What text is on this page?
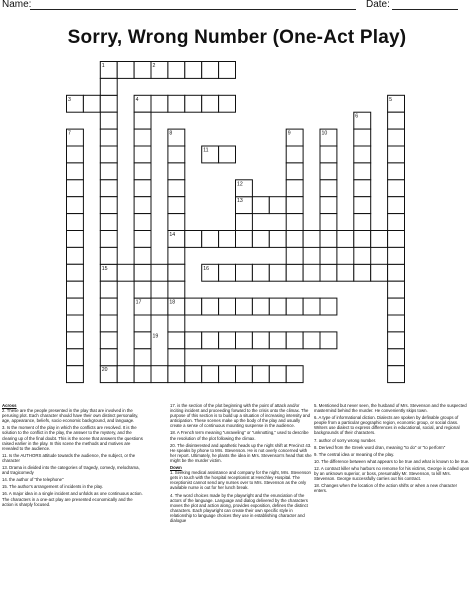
Name:	Date:
Sorry, Wrong Number (One-Act Play)
1	2
3	4	5
6
7	8	9	10
11
12
13
14
15	16
17	18
19
20
Across

2. These are the people presented in the play that are involved in the perusing plot. Each character should have their own distinct personality, age, appearance, beliefs, socio economic background, and language.

3. Is the moment of the play in which the conflicts are resolved. It is the solution to the conflict in the play, the answer to the mystery, and the clearing up of the final doubt. This is the scene that answers the questions raised earlier in the play. In this scene the methods and motives are revealed to the audience.

11. Is the AUTHORS attitude towards the audience, the subject, or the character

13. Drama is divided into the categories of tragedy, comedy, melodrama, and tragicomedy

14. the author of "the telephone"

15. The author's arrangement of incidents in the play.

16. A major idea in a single incident and unfolds as one continuous action. The characters in a one-act play are presented economically and the action is sharply focused.

17. is the section of the plot beginning with the point of attack and/or inciting incident and proceeding forward to the crisis onto the climax. The purpose of this section is to build up a situation of increasing intensity and anticipation. These scenes make up the body of the play and usually create a sense of continuous mounting suspense in the audience.

18. A French term meaning "unraveling" or "unknotting," used to describe the resolution of the plot following the climax.

20. The disinterested and apathetic heads up the night shift at Precinct 43. He speaks by phone to Mrs. Stevenson. He is not overly concerned with her report. Ultimately, he plants the idea in Mrs. Stevenson's head that she might be the murder victim.

Down

1. Seeking medical assistance and company for the night, Mrs. Stevenson gets in touch with the hospital receptionist at Henchley Hospital. The receptionist cannot send any nurses over to Mrs. Stevenson as the only available nurse is out for her lunch break.

4. The word choices made by the playwright and the enunciation of the actors of the language. Language and dialog delivered by the characters moves the plot and action along, provides exposition, defines the distinct characters. Each playwright can create their own specific style in relationship to language choices they use in establishing character and dialogue

5. Mentioned but never seen, the husband of Mrs. Stevenson and the suspected mastermind behind the murder. He conveniently skips town.

6. A type of informational diction. Dialects are spoken by definable groups of people from a particular geographic region, economic group, or social class. Writers use dialect to express differences in educational, social, and regional backgrounds of their characters.

7. author of sorry wrong number.

8. Derived from the Greek word dran, meaning "to do" or "to perform"

9. The central idea or meaning of the play.

10. The difference between what appears to be true and what is known to be true.

12. A contract killer who harbors no remorse for his victims, George is called upon by an unknown superior, or boss, presumably Mr. Stevenson, to kill Mrs. Stevenson. George successfully carries out his contract.

18. Changes when the location of the action shifts or when a new character enters.
